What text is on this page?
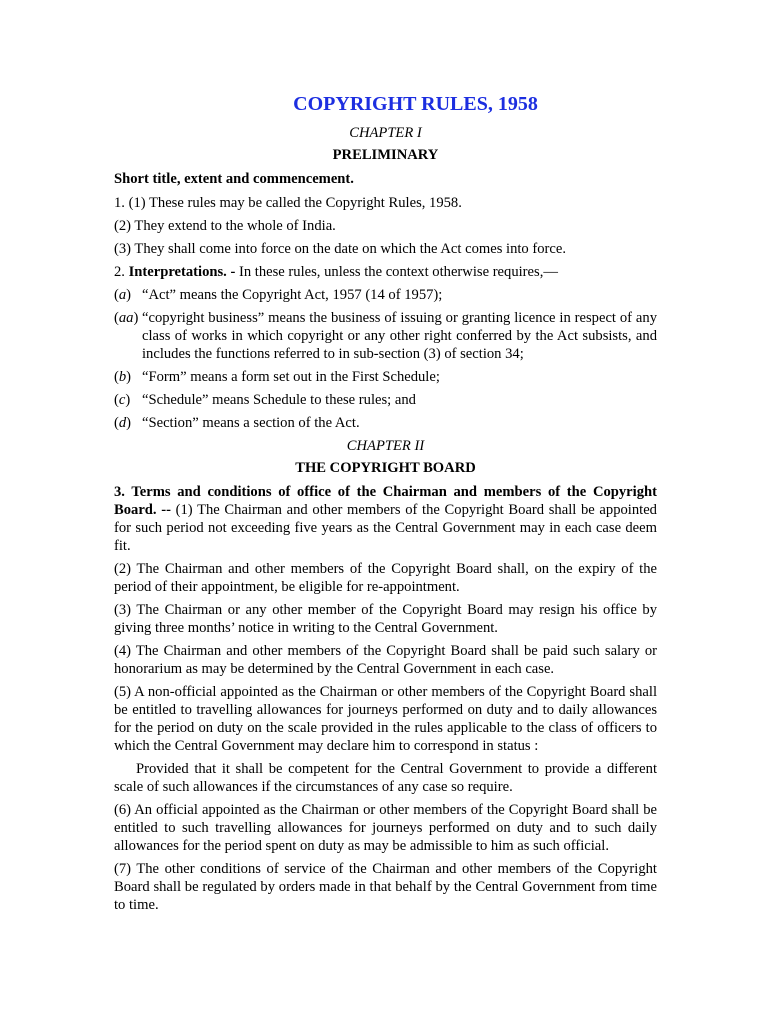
COPYRIGHT RULES, 1958
CHAPTER I
PRELIMINARY
Short title, extent and commencement.
1. (1) These rules may be called the Copyright Rules, 1958.
(2) They extend to the whole of India.
(3) They shall come into force on the date on which the Act comes into force.
2. Interpretations. - In these rules, unless the context otherwise requires,—
(a) “Act” means the Copyright Act, 1957 (14 of 1957);
(aa) “copyright business” means the business of issuing or granting licence in respect of any class of works in which copyright or any other right conferred by the Act subsists, and includes the functions referred to in sub-section (3) of section 34;
(b) “Form” means a form set out in the First Schedule;
(c) “Schedule” means Schedule to these rules; and
(d) “Section” means a section of the Act.
CHAPTER II
THE COPYRIGHT BOARD
3. Terms and conditions of office of the Chairman and members of the Copyright Board. -- (1) The Chairman and other members of the Copyright Board shall be appointed for such period not exceeding five years as the Central Government may in each case deem fit.
(2) The Chairman and other members of the Copyright Board shall, on the expiry of the period of their appointment, be eligible for re-appointment.
(3) The Chairman or any other member of the Copyright Board may resign his office by giving three months’ notice in writing to the Central Government.
(4) The Chairman and other members of the Copyright Board shall be paid such salary or honorarium as may be determined by the Central Government in each case.
(5) A non-official appointed as the Chairman or other members of the Copyright Board shall be entitled to travelling allowances for journeys performed on duty and to daily allowances for the period on duty on the scale provided in the rules applicable to the class of officers to which the Central Government may declare him to correspond in status :
Provided that it shall be competent for the Central Government to provide a different scale of such allowances if the circumstances of any case so require.
(6) An official appointed as the Chairman or other members of the Copyright Board shall be entitled to such travelling allowances for journeys performed on duty and to such daily allowances for the period spent on duty as may be admissible to him as such official.
(7) The other conditions of service of the Chairman and other members of the Copyright Board shall be regulated by orders made in that behalf by the Central Government from time to time.
